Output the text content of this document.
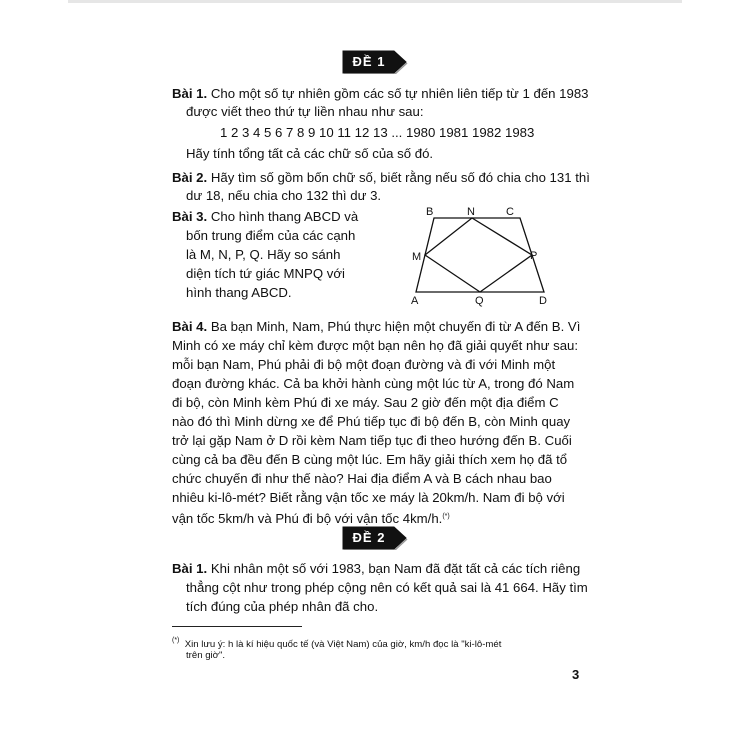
ĐỀ 1
Bài 1. Cho một số tự nhiên gồm các số tự nhiên liên tiếp từ 1 đến 1983
được viết theo thứ tự liền nhau như sau:
1 2 3 4 5 6 7 8 9 10 11 12 13 ... 1980 1981 1982 1983
Hãy tính tổng tất cả các chữ số của số đó.
Bài 2. Hãy tìm số gồm bốn chữ số, biết rằng nếu số đó chia cho 131 thì
dư 18, nếu chia cho 132 thì dư 3.
Bài 3. Cho hình thang ABCD và
bốn trung điểm của các cạnh
là M, N, P, Q. Hãy so sánh
diện tích tứ giác MNPQ với
hình thang ABCD.
B	N	C
M	P
A	Q	D
Bài 4. Ba bạn Minh, Nam, Phú thực hiện một chuyến đi từ A đến B. Vì
Minh có xe máy chỉ kèm được một bạn nên họ đã giải quyết như sau:
mỗi bạn Nam, Phú phải đi bộ một đoạn đường và đi với Minh một
đoạn đường khác. Cả ba khởi hành cùng một lúc từ A, trong đó Nam
đi bộ, còn Minh kèm Phú đi xe máy. Sau 2 giờ đến một địa điểm C
nào đó thì Minh dừng xe để Phú tiếp tục đi bộ đến B, còn Minh quay
trở lại gặp Nam ở D rồi kèm Nam tiếp tục đi theo hướng đến B. Cuối
cùng cả ba đều đến B cùng một lúc. Em hãy giải thích xem họ đã tổ
chức chuyến đi như thế nào? Hai địa điểm A và B cách nhau bao
nhiêu ki-lô-mét? Biết rằng vận tốc xe máy là 20km/h. Nam đi bộ với
vận tốc 5km/h và Phú đi bộ với vận tốc 4km/h.(*)
ĐỀ 2
Bài 1. Khi nhân một số với 1983, bạn Nam đã đặt tất cả các tích riêng
thẳng cột như trong phép cộng nên có kết quả sai là 41 664. Hãy tìm
tích đúng của phép nhân đã cho.
(*) Xin lưu ý: h là kí hiệu quốc tế (và Việt Nam) của giờ, km/h đọc là "ki-lô-mét
trên giờ".
3
